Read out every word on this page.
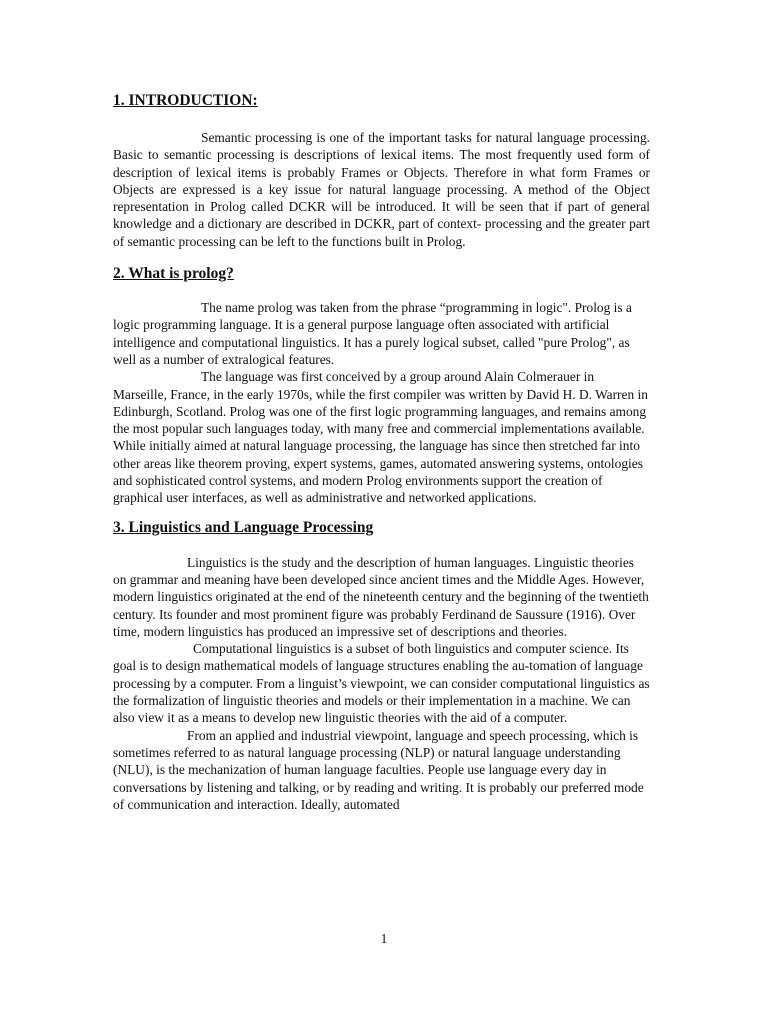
1. INTRODUCTION:

Semantic processing is one of the important tasks for natural language processing. Basic to semantic processing is descriptions of lexical items. The most frequently used form of description of lexical items is probably Frames or Objects. Therefore in what form Frames or Objects are expressed is a key issue for natural language processing. A method of the Object representation in Prolog called DCKR will be introduced. It will be seen that if part of general knowledge and a dictionary are described in DCKR, part of context- processing and the greater part of semantic processing can be left to the functions built in Prolog.

2. What is prolog?

The name prolog was taken from the phrase “programming in logic". Prolog is a logic programming language. It is a general purpose language often associated with artificial intelligence and computational linguistics. It has a purely logical subset, called "pure Prolog", as well as a number of extralogical features.

The language was first conceived by a group around Alain Colmerauer in Marseille, France, in the early 1970s, while the first compiler was written by David H. D. Warren in Edinburgh, Scotland. Prolog was one of the first logic programming languages, and remains among the most popular such languages today, with many free and commercial implementations available. While initially aimed at natural language processing, the language has since then stretched far into other areas like theorem proving, expert systems, games, automated answering systems, ontologies and sophisticated control systems, and modern Prolog environments support the creation of graphical user interfaces, as well as administrative and networked applications.

3. Linguistics and Language Processing

Linguistics is the study and the description of human languages. Linguistic theories on grammar and meaning have been developed since ancient times and the Middle Ages. However, modern linguistics originated at the end of the nineteenth century and the beginning of the twentieth century. Its founder and most prominent figure was probably Ferdinand de Saussure (1916). Over time, modern linguistics has produced an impressive set of descriptions and theories.

Computational linguistics is a subset of both linguistics and computer science. Its goal is to design mathematical models of language structures enabling the au-tomation of language processing by a computer. From a linguist’s viewpoint, we can consider computational linguistics as the formalization of linguistic theories and models or their implementation in a machine. We can also view it as a means to develop new linguistic theories with the aid of a computer.

From an applied and industrial viewpoint, language and speech processing, which is sometimes referred to as natural language processing (NLP) or natural language understanding (NLU), is the mechanization of human language faculties. People use language every day in conversations by listening and talking, or by reading and writing. It is probably our preferred mode of communication and interaction. Ideally, automated

1
